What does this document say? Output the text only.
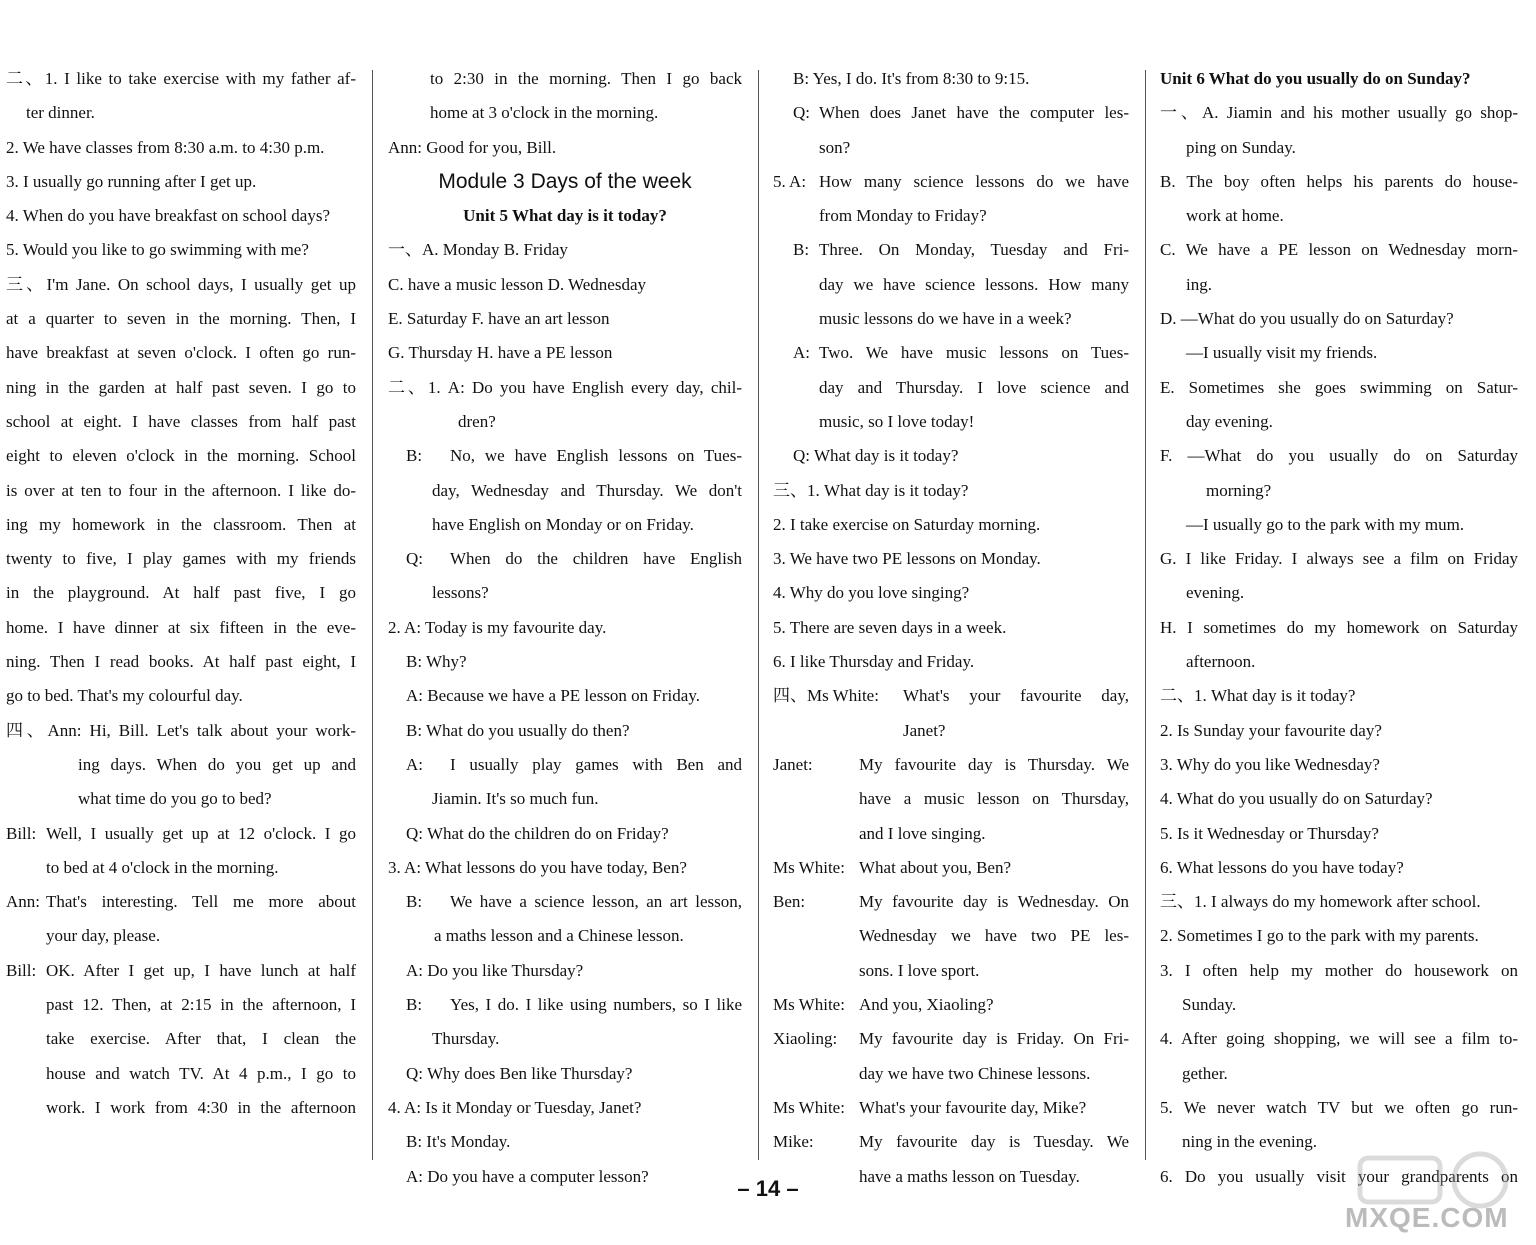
二、1. I like to take exercise with my father af-
ter dinner.
2. We have classes from 8:30 a.m. to 4:30 p.m.
3. I usually go running after I get up.
4. When do you have breakfast on school days?
5. Would you like to go swimming with me?
三、I'm Jane. On school days, I usually get up
at a quarter to seven in the morning. Then, I
have breakfast at seven o'clock. I often go run-
ning in the garden at half past seven. I go to
school at eight. I have classes from half past
eight to eleven o'clock in the morning. School
is over at ten to four in the afternoon. I like do-
ing my homework in the classroom. Then at
twenty to five, I play games with my friends
in the playground. At half past five, I go
home. I have dinner at six fifteen in the eve-
ning. Then I read books. At half past eight, I
go to bed. That's my colourful day.
四、Ann: Hi, Bill. Let's talk about your work-
ing days. When do you get up and
what time do you go to bed?
Bill: Well, I usually get up at 12 o'clock. I go
to bed at 4 o'clock in the morning.
Ann: That's interesting. Tell me more about
your day, please.
Bill: OK. After I get up, I have lunch at half
past 12. Then, at 2:15 in the afternoon, I
take exercise. After that, I clean the
house and watch TV. At 4 p.m., I go to
work. I work from 4:30 in the afternoon
to 2:30 in the morning. Then I go back
home at 3 o'clock in the morning.
Ann: Good for you, Bill.
Module 3 Days of the week
Unit 5 What day is it today?
一、A. Monday B. Friday
C. have a music lesson D. Wednesday
E. Saturday F. have an art lesson
G. Thursday H. have a PE lesson
二、1. A: Do you have English every day, chil-
dren?
B:	No, we have English lessons on Tues-
day, Wednesday and Thursday. We don't
have English on Monday or on Friday.
Q:	When do the children have English
lessons?
2. A: Today is my favourite day.
B: Why?
A: Because we have a PE lesson on Friday.
B: What do you usually do then?
A:	I usually play games with Ben and
Jiamin. It's so much fun.
Q: What do the children do on Friday?
3. A: What lessons do you have today, Ben?
B:	We have a science lesson, an art lesson,
a maths lesson and a Chinese lesson.
A: Do you like Thursday?
B:	Yes, I do. I like using numbers, so I like
Thursday.
Q: Why does Ben like Thursday?
4. A: Is it Monday or Tuesday, Janet?
B: It's Monday.
A: Do you have a computer lesson?
B: Yes, I do. It's from 8:30 to 9:15.
Q: When does Janet have the computer les-
son?
5. A: How many science lessons do we have
from Monday to Friday?
B: Three. On Monday, Tuesday and Fri-
day we have science lessons. How many
music lessons do we have in a week?
A: Two. We have music lessons on Tues-
day and Thursday. I love science and
music, so I love today!
Q: What day is it today?
三、1. What day is it today?
2. I take exercise on Saturday morning.
3. We have two PE lessons on Monday.
4. Why do you love singing?
5. There are seven days in a week.
6. I like Thursday and Friday.
四、Ms White:	What's your favourite day,
Janet?
Janet:	My favourite day is Thursday. We
have a music lesson on Thursday,
and I love singing.
Ms White: What about you, Ben?
Ben:	My favourite day is Wednesday. On
Wednesday we have two PE les-
sons. I love sport.
Ms White: And you, Xiaoling?
Xiaoling:	My favourite day is Friday. On Fri-
day we have two Chinese lessons.
Ms White: What's your favourite day, Mike?
Mike:	My favourite day is Tuesday. We
have a maths lesson on Tuesday.
Unit 6 What do you usually do on Sunday?
一、A. Jiamin and his mother usually go shop-
ping on Sunday.
B. The boy often helps his parents do house-
work at home.
C. We have a PE lesson on Wednesday morn-
ing.
D. —What do you usually do on Saturday?
—I usually visit my friends.
E. Sometimes she goes swimming on Satur-
day evening.
F. —What do you usually do on Saturday
morning?
—I usually go to the park with my mum.
G. I like Friday. I always see a film on Friday
evening.
H. I sometimes do my homework on Saturday
afternoon.
二、1. What day is it today?
2. Is Sunday your favourite day?
3. Why do you like Wednesday?
4. What do you usually do on Saturday?
5. Is it Wednesday or Thursday?
6. What lessons do you have today?
三、1. I always do my homework after school.
2. Sometimes I go to the park with my parents.
3. I often help my mother do housework on
Sunday.
4. After going shopping, we will see a film to-
gether.
5. We never watch TV but we often go run-
ning in the evening.
6. Do you usually visit your grandparents on
– 14 –
MXQE.COM
